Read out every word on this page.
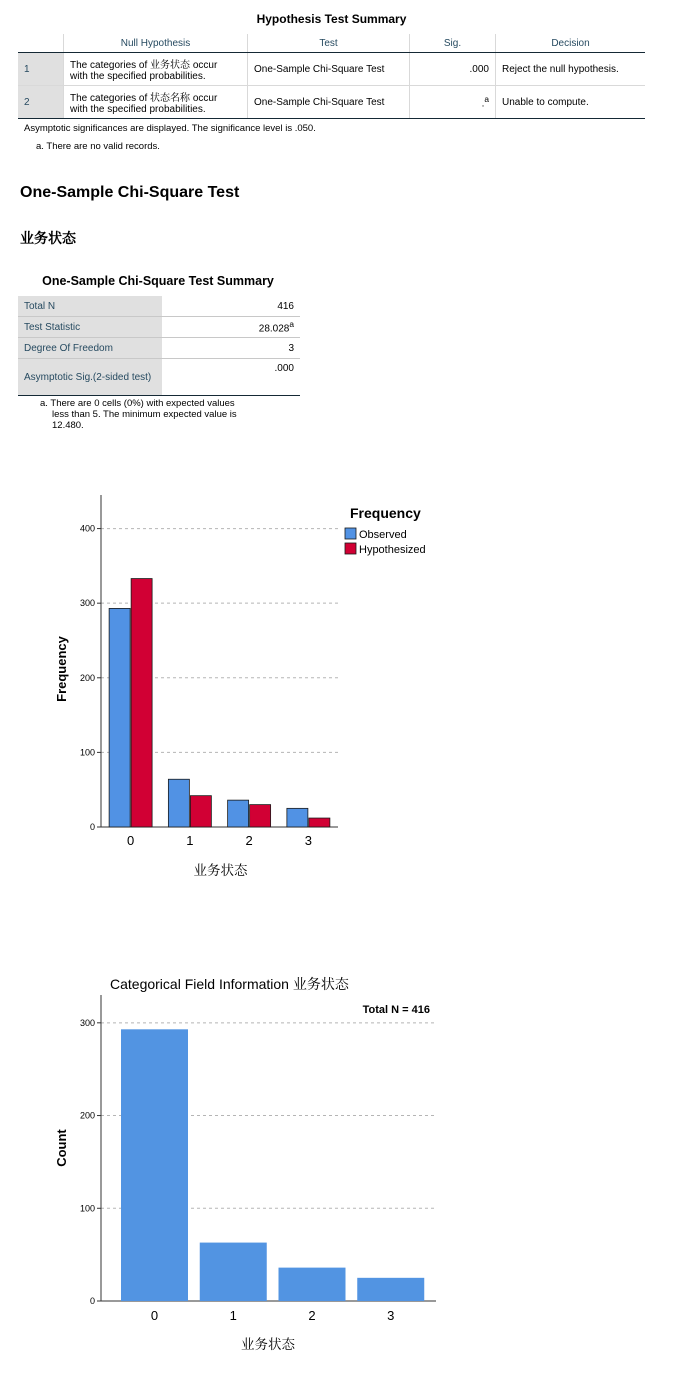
Hypothesis Test Summary
	Null Hypothesis	Test	Sig.	Decision
1	The categories of 业务状态 occur
with the specified probabilities.	One-Sample Chi-Square Test	.000	Reject the null hypothesis.
2	The categories of 状态名称 occur
with the specified probabilities.	One-Sample Chi-Square Test	.$^a$	Unable to compute.
Asymptotic significances are displayed. The significance level is .050.
a. There are no valid records.
One-Sample Chi-Square Test
业务状态
One-Sample Chi-Square Test Summary
Total N	416
Test Statistic	28.028$^a$
Degree Of Freedom	3
Asymptotic Sig.(2-sided test)	.000
a. There are 0 cells (0%) with expected values
less than 5. The minimum expected value is
12.480.
0
100
200
300
400
0	1	2	3
业务状态
Frequency
Frequency
Observed
Hypothesized
Categorical Field Information 业务状态
Total N = 416
0
100
200
300
0	1	2	3
业务状态
Count
